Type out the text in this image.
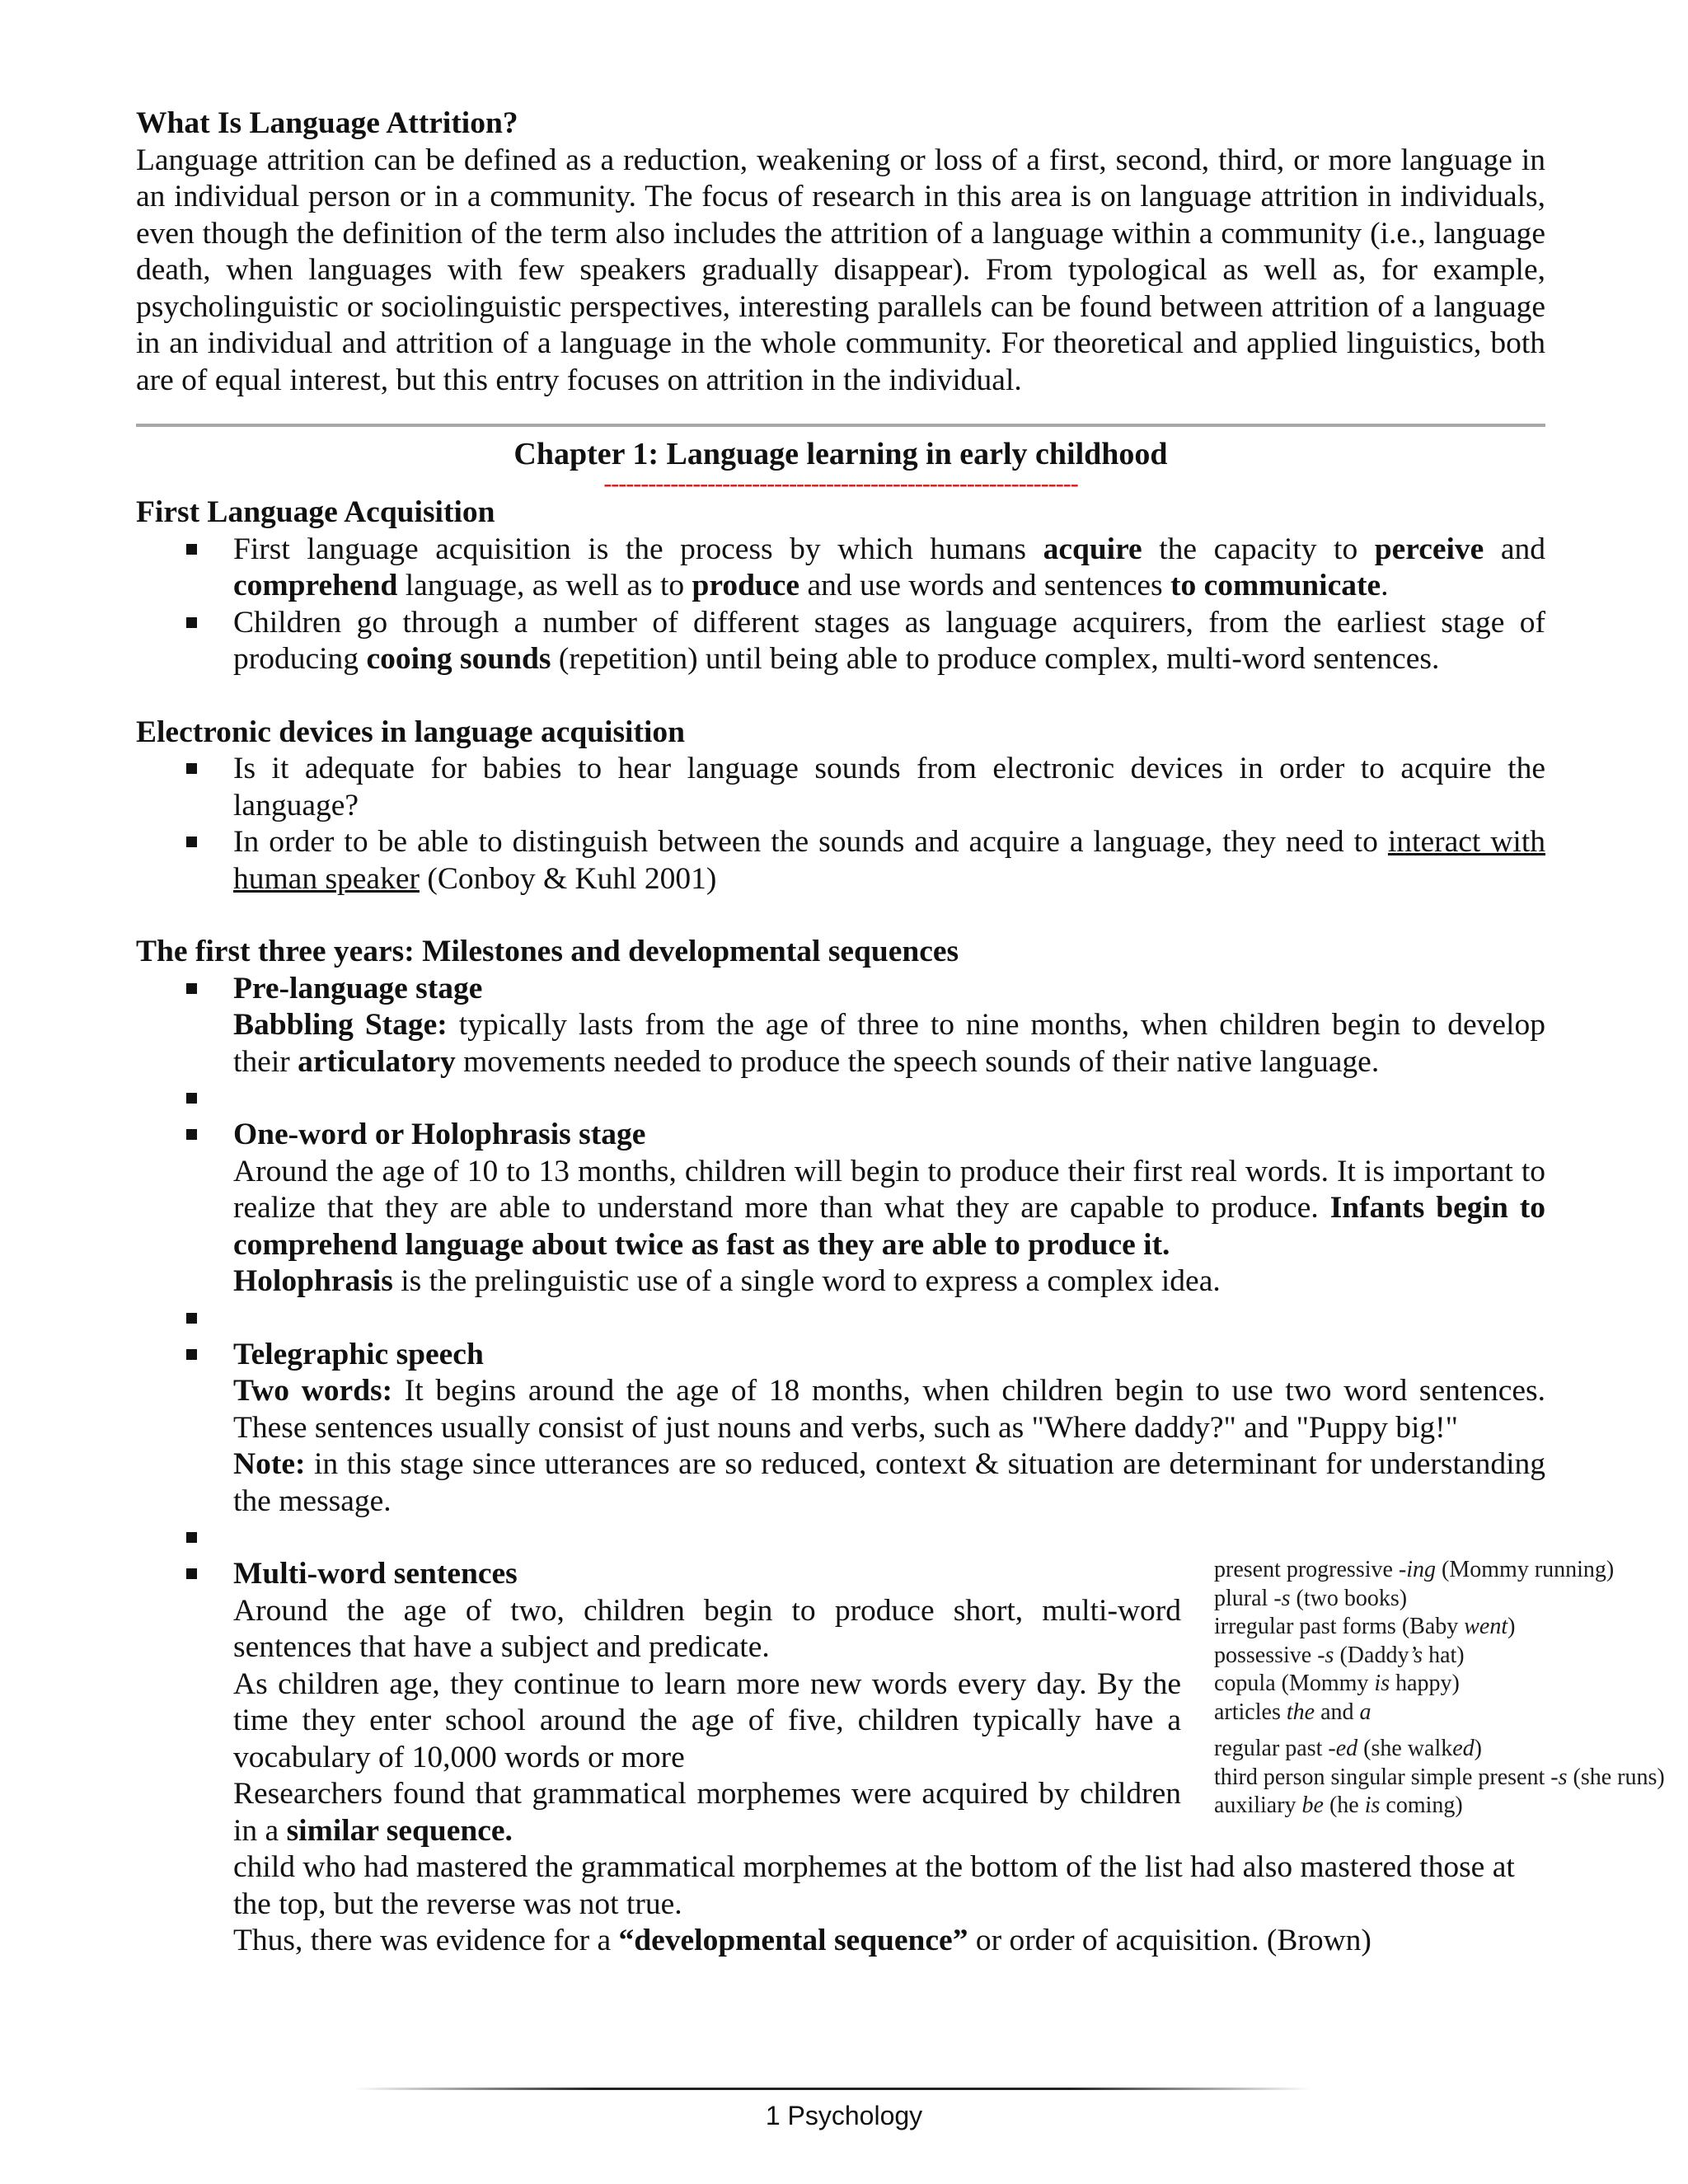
What Is Language Attrition?

Language attrition can be defined as a reduction, weakening or loss of a first, second, third, or more language in an individual person or in a community. The focus of research in this area is on language attrition in individuals, even though the definition of the term also includes the attrition of a language within a community (i.e., language death, when languages with few speakers gradually disappear). From typological as well as, for example, psycholinguistic or sociolinguistic perspectives, interesting parallels can be found between attrition of a language in an individual and attrition of a language in the whole community. For theoretical and applied linguistics, both are of equal interest, but this entry focuses on attrition in the individual.

Chapter 1: Language learning in early childhood

----------------------------------------------------------------

First Language Acquisition

First language acquisition is the process by which humans acquire the capacity to perceive and comprehend language, as well as to produce and use words and sentences to communicate.
Children go through a number of different stages as language acquirers, from the earliest stage of producing cooing sounds (repetition) until being able to produce complex, multi-word sentences.

Electronic devices in language acquisition

Is it adequate for babies to hear language sounds from electronic devices in order to acquire the language?
In order to be able to distinguish between the sounds and acquire a language, they need to interact with human speaker (Conboy & Kuhl 2001)

The first three years: Milestones and developmental sequences

Pre-language stage
Babbling Stage: typically lasts from the age of three to nine months, when children begin to develop their articulatory movements needed to produce the speech sounds of their native language.
One-word or Holophrasis stage
Around the age of 10 to 13 months, children will begin to produce their first real words. It is important to realize that they are able to understand more than what they are capable to produce. Infants begin to comprehend language about twice as fast as they are able to produce it.
Holophrasis is the prelinguistic use of a single word to express a complex idea.
Telegraphic speech
Two words: It begins around the age of 18 months, when children begin to use two word sentences. These sentences usually consist of just nouns and verbs, such as "Where daddy?" and "Puppy big!"
Note: in this stage since utterances are so reduced, context & situation are determinant for understanding the message.
Multi-word sentences
Around the age of two, children begin to produce short, multi-word sentences that have a subject and predicate.
As children age, they continue to learn more new words every day. By the time they enter school around the age of five, children typically have a vocabulary of 10,000 words or more
Researchers found that grammatical morphemes were acquired by children in a similar sequence.

present progressive -ing (Mommy running)

plural -s (two books)

irregular past forms (Baby went)

possessive -s (Daddy’s hat)

copula (Mommy is happy)

articles the and a

regular past -ed (she walked)

third person singular simple present -s (she runs)

auxiliary be (he is coming)

child who had mastered the grammatical morphemes at the bottom of the list had also mastered those at the top, but the reverse was not true.
Thus, there was evidence for a “developmental sequence” or order of acquisition. (Brown)
1 Psychology
